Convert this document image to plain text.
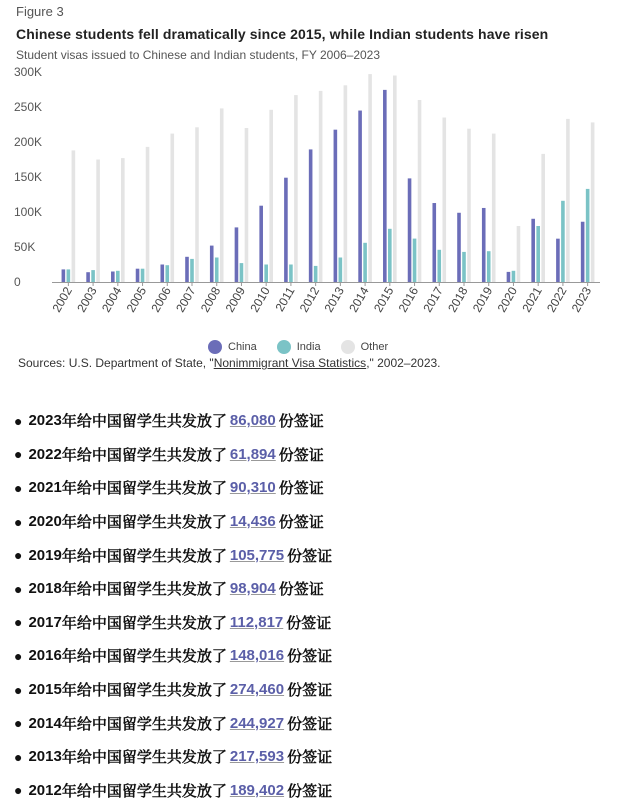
Figure 3
Chinese students fell dramatically since 2015, while Indian students have risen
Student visas issued to Chinese and Indian students, FY 2006–2023
0
50K
100K
150K
200K
250K
300K
2002 2003 2004 2005 2006 2007 2008 2009 2010 2011 2012 2013 2014 2015 2016 2017 2018 2019 2020 2021 2022 2023
China	India	Other
Sources: U.S. Department of State, "Nonimmigrant Visa Statistics," 2002–2023.
● 2023 年给中国留学生共发放了 86,080 份签证
● 2022 年给中国留学生共发放了 61,894 份签证
● 2021 年给中国留学生共发放了 90,310 份签证
● 2020 年给中国留学生共发放了 14,436 份签证
● 2019 年给中国留学生共发放了 105,775 份签证
● 2018 年给中国留学生共发放了 98,904 份签证
● 2017 年给中国留学生共发放了 112,817 份签证
● 2016 年给中国留学生共发放了 148,016 份签证
● 2015 年给中国留学生共发放了 274,460 份签证
● 2014 年给中国留学生共发放了 244,927 份签证
● 2013 年给中国留学生共发放了 217,593 份签证
● 2012 年给中国留学生共发放了 189,402 份签证
